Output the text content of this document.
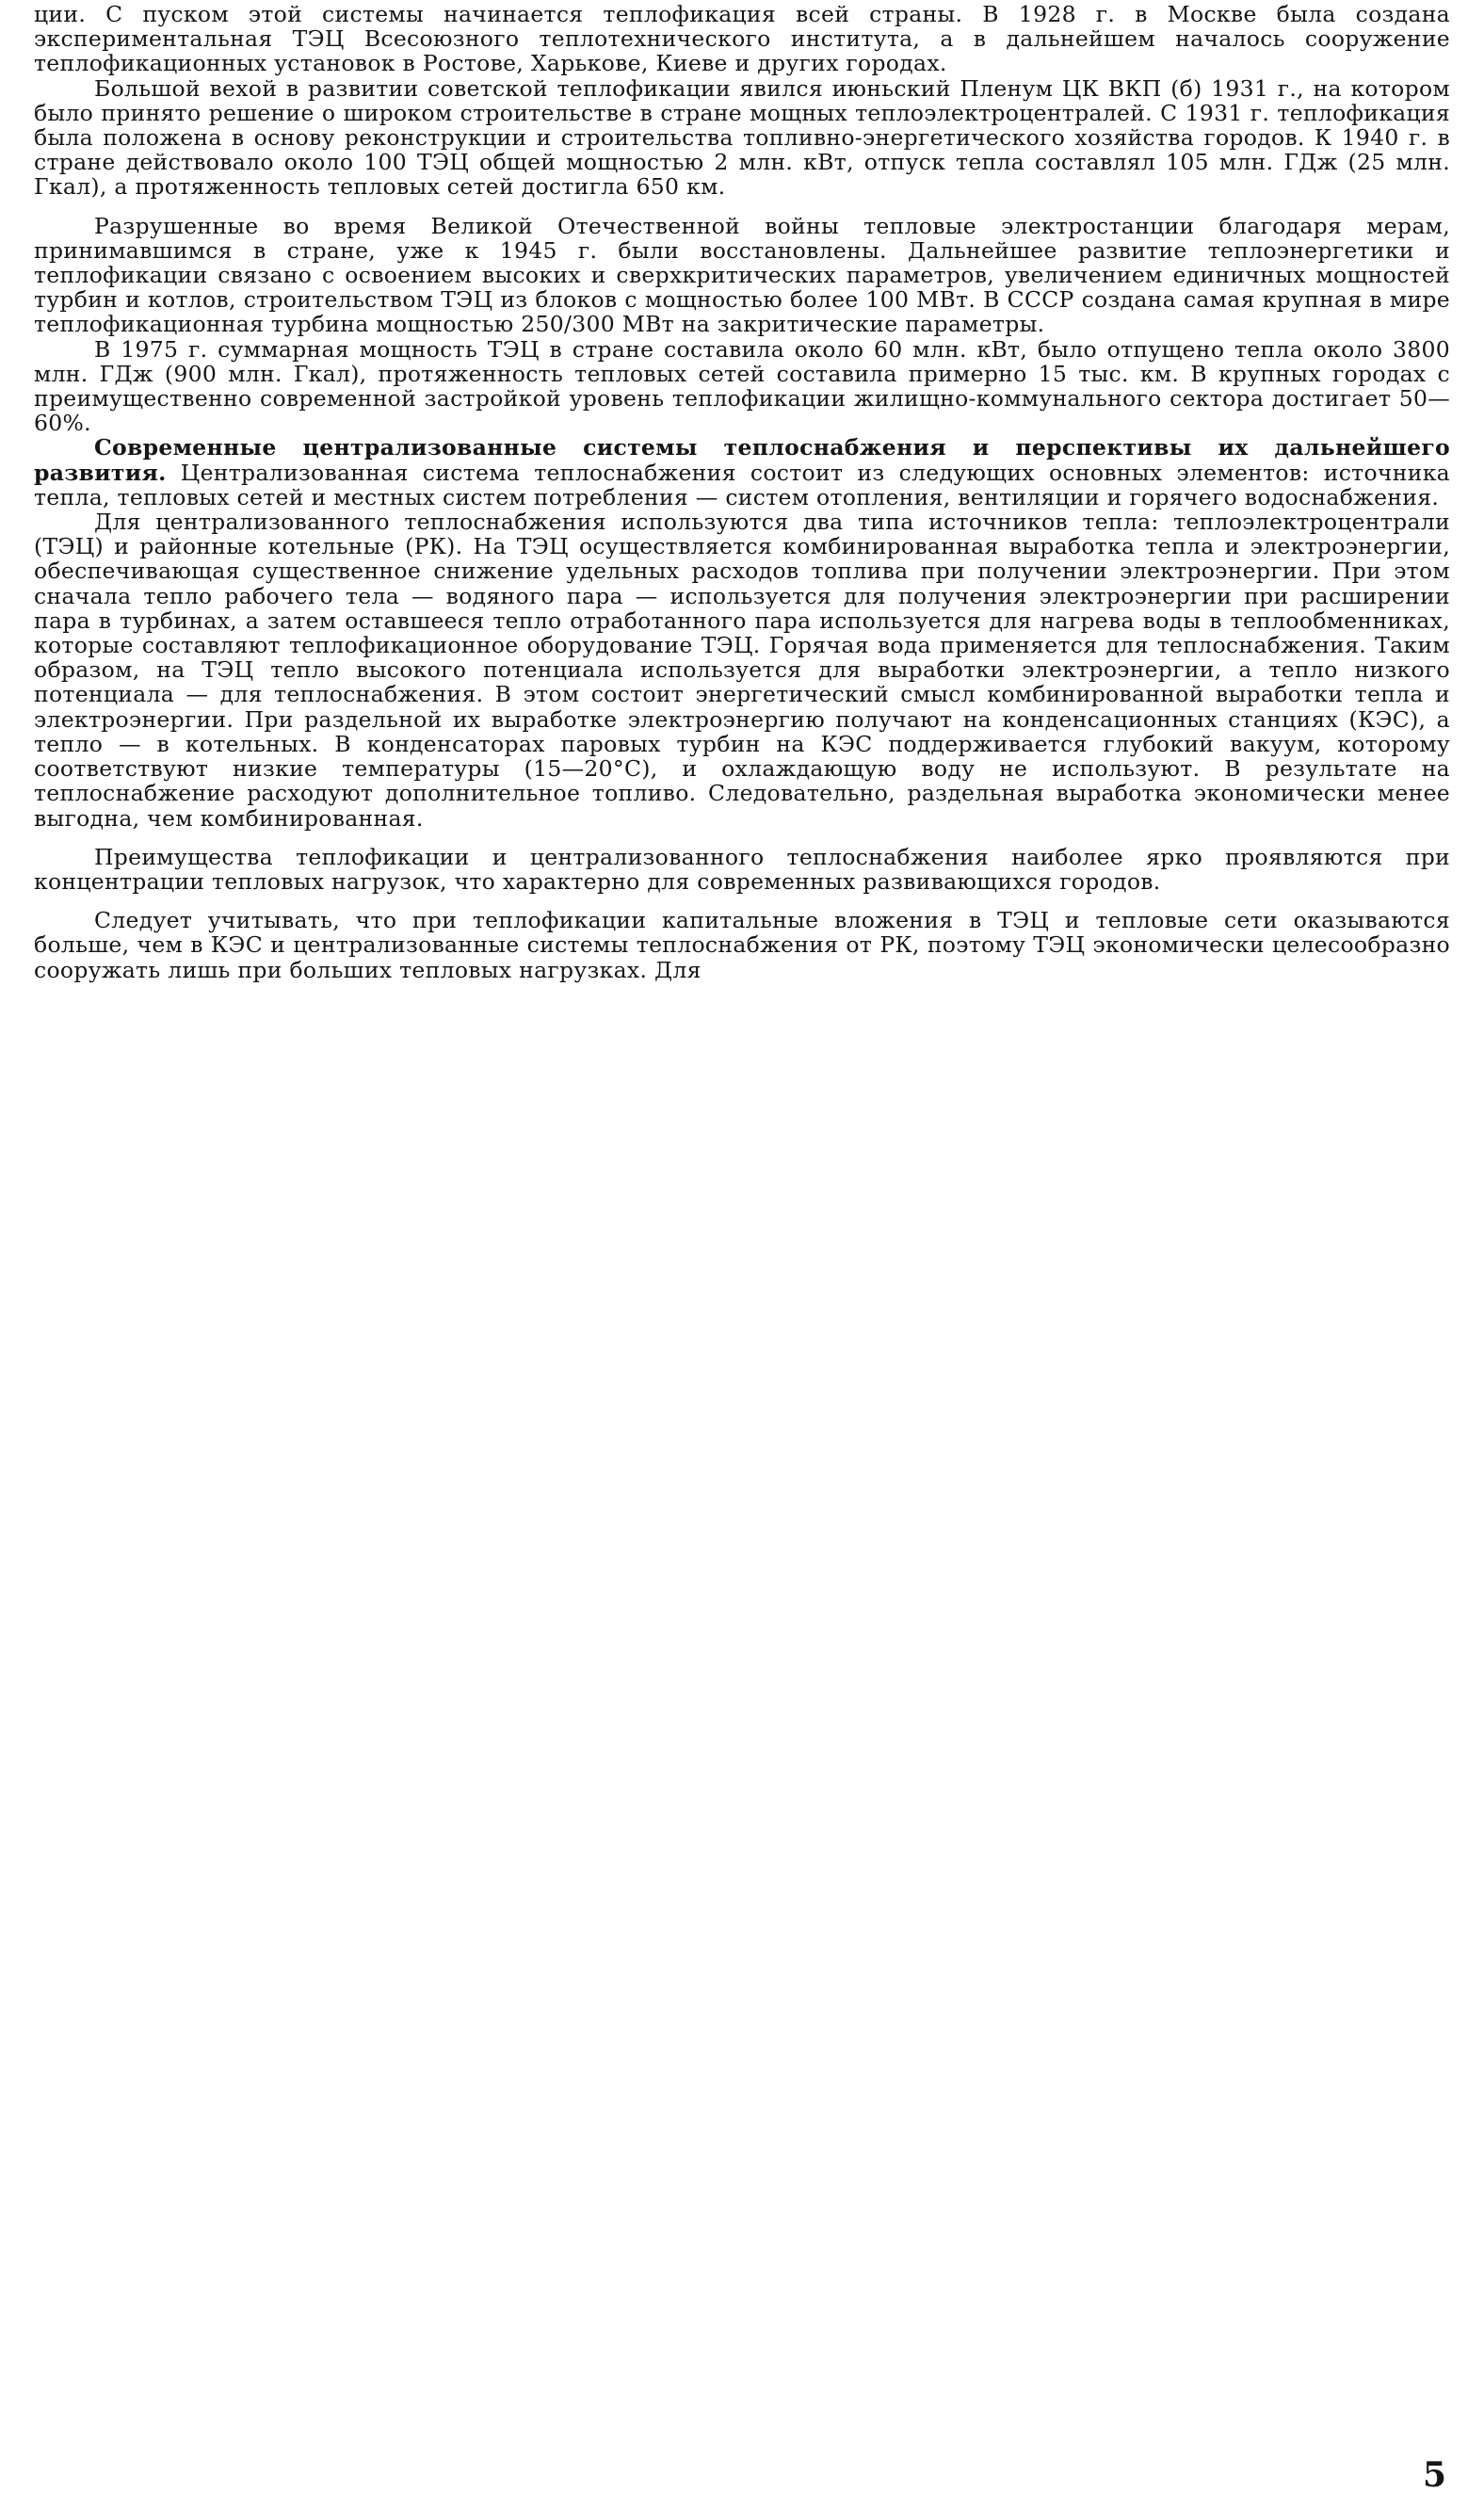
ции. С пуском этой системы начинается теплофикация всей страны. В 1928 г. в Москве была создана экспериментальная ТЭЦ Всесоюзного теплотехнического института, а в дальнейшем началось сооружение теплофикационных установок в Ростове, Харькове, Киеве и других городах.

Большой вехой в развитии советской теплофикации явился июньский Пленум ЦК ВКП (б) 1931 г., на котором было принято решение о широком строительстве в стране мощных теплоэлектроцентралей. С 1931 г. теплофикация была положена в основу реконструкции и строительства топливно-энергетического хозяйства городов. К 1940 г. в стране действовало около 100 ТЭЦ общей мощностью 2 млн. кВт, отпуск тепла составлял 105 млн. ГДж (25 млн. Гкал), а протяженность тепловых сетей достигла 650 км.

Разрушенные во время Великой Отечественной войны тепловые электростанции благодаря мерам, принимавшимся в стране, уже к 1945 г. были восстановлены. Дальнейшее развитие теплоэнергетики и теплофикации связано с освоением высоких и сверхкритических параметров, увеличением единичных мощностей турбин и котлов, строительством ТЭЦ из блоков с мощностью более 100 МВт. В СССР создана самая крупная в мире теплофикационная турбина мощностью 250/300 МВт на закритические параметры.

В 1975 г. суммарная мощность ТЭЦ в стране составила около 60 млн. кВт, было отпущено тепла около 3800 млн. ГДж (900 млн. Гкал), протяженность тепловых сетей составила примерно 15 тыс. км. В крупных городах с преимущественно современной застройкой уровень теплофикации жилищно-коммунального сектора достигает 50—60%.

Современные централизованные системы теплоснабжения и перспективы их дальнейшего развития. Централизованная система теплоснабжения состоит из следующих основных элементов: источника тепла, тепловых сетей и местных систем потребления — систем отопления, вентиляции и горячего водоснабжения.

Для централизованного теплоснабжения используются два типа источников тепла: теплоэлектроцентрали (ТЭЦ) и районные котельные (РК). На ТЭЦ осуществляется комбинированная выработка тепла и электроэнергии, обеспечивающая существенное снижение удельных расходов топлива при получении электроэнергии. При этом сначала тепло рабочего тела — водяного пара — используется для получения электроэнергии при расширении пара в турбинах, а затем оставшееся тепло отработанного пара используется для нагрева воды в теплообменниках, которые составляют теплофикационное оборудование ТЭЦ. Горячая вода применяется для теплоснабжения. Таким образом, на ТЭЦ тепло высокого потенциала используется для выработки электроэнергии, а тепло низкого потенциала — для теплоснабжения. В этом состоит энергетический смысл комбинированной выработки тепла и электроэнергии. При раздельной их выработке электроэнергию получают на конденсационных станциях (КЭС), а тепло — в котельных. В конденсаторах паровых турбин на КЭС поддерживается глубокий вакуум, которому соответствуют низкие температуры (15—20°С), и охлаждающую воду не используют. В результате на теплоснабжение расходуют дополнительное топливо. Следовательно, раздельная выработка экономически менее выгодна, чем комбинированная.

Преимущества теплофикации и централизованного теплоснабжения наиболее ярко проявляются при концентрации тепловых нагрузок, что характерно для современных развивающихся городов.

Следует учитывать, что при теплофикации капитальные вложения в ТЭЦ и тепловые сети оказываются больше, чем в КЭС и централизованные системы теплоснабжения от РК, поэтому ТЭЦ экономически целесообразно сооружать лишь при больших тепловых нагрузках. Для

5
